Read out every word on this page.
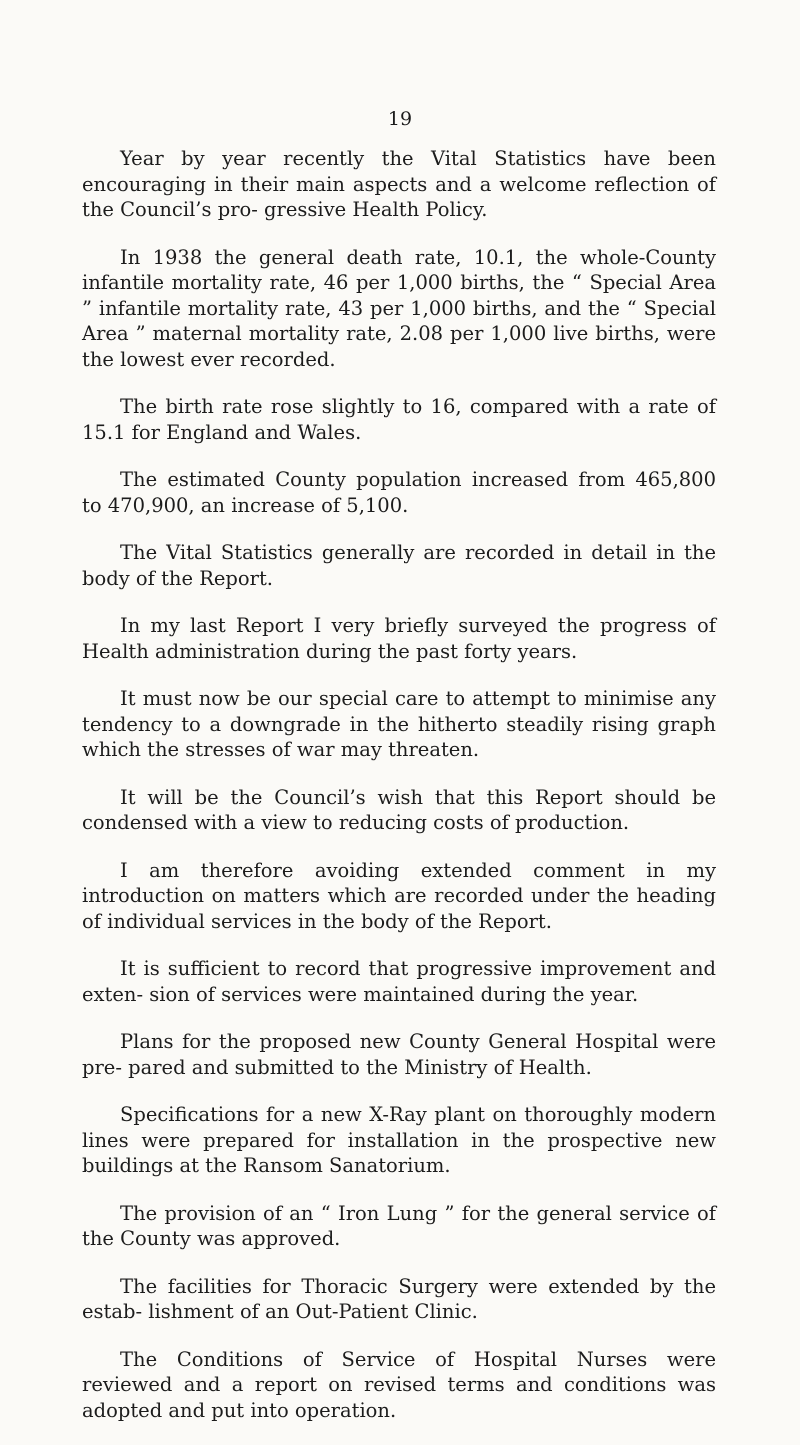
19

Year by year recently the Vital Statistics have been encouraging in their main aspects and a welcome reflection of the Council’s pro- gressive Health Policy.

In 1938 the general death rate, 10.1, the whole-County infantile mortality rate, 46 per 1,000 births, the “ Special Area ” infantile mortality rate, 43 per 1,000 births, and the “ Special Area ” maternal mortality rate, 2.08 per 1,000 live births, were the lowest ever recorded.

The birth rate rose slightly to 16, compared with a rate of 15.1 for England and Wales.

The estimated County population increased from 465,800 to 470,900, an increase of 5,100.

The Vital Statistics generally are recorded in detail in the body of the Report.

In my last Report I very briefly surveyed the progress of Health administration during the past forty years.

It must now be our special care to attempt to minimise any tendency to a downgrade in the hitherto steadily rising graph which the stresses of war may threaten.

It will be the Council’s wish that this Report should be condensed with a view to reducing costs of production.

I am therefore avoiding extended comment in my introduction on matters which are recorded under the heading of individual services in the body of the Report.

It is sufficient to record that progressive improvement and exten- sion of services were maintained during the year.

Plans for the proposed new County General Hospital were pre- pared and submitted to the Ministry of Health.

Specifications for a new X-Ray plant on thoroughly modern lines were prepared for installation in the prospective new buildings at the Ransom Sanatorium.

The provision of an “ Iron Lung ” for the general service of the County was approved.

The facilities for Thoracic Surgery were extended by the estab- lishment of an Out-Patient Clinic.

The Conditions of Service of Hospital Nurses were reviewed and a report on revised terms and conditions was adopted and put into operation.
